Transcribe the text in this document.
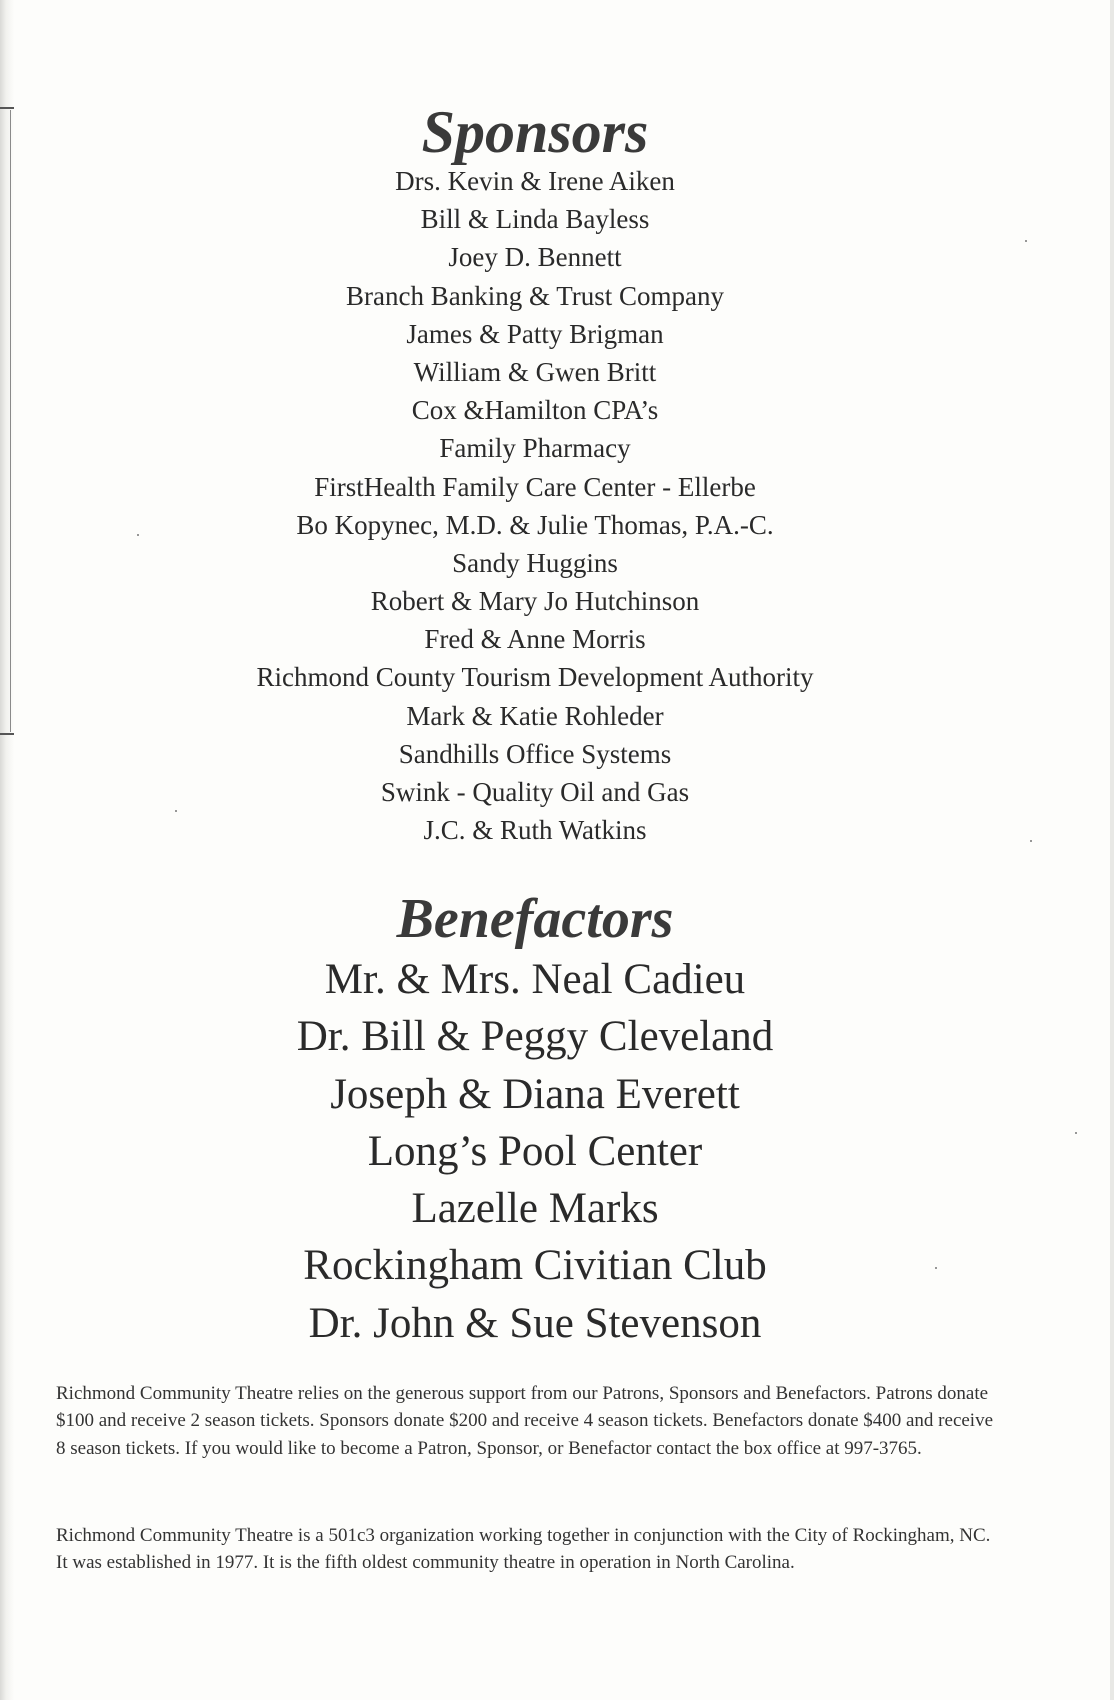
Sponsors
Drs. Kevin & Irene Aiken
Bill & Linda Bayless
Joey D. Bennett
Branch Banking & Trust Company
James & Patty Brigman
William & Gwen Britt
Cox &Hamilton CPA’s
Family Pharmacy
FirstHealth Family Care Center - Ellerbe
Bo Kopynec, M.D. & Julie Thomas, P.A.-C.
Sandy Huggins
Robert & Mary Jo Hutchinson
Fred & Anne Morris
Richmond County Tourism Development Authority
Mark & Katie Rohleder
Sandhills Office Systems
Swink - Quality Oil and Gas
J.C. & Ruth Watkins
Benefactors
Mr. & Mrs. Neal Cadieu
Dr. Bill & Peggy Cleveland
Joseph & Diana Everett
Long’s Pool Center
Lazelle Marks
Rockingham Civitian Club
Dr. John & Sue Stevenson

Richmond Community Theatre relies on the generous support from our Patrons, Sponsors and Benefactors. Patrons donate $100 and receive 2 season tickets. Sponsors donate $200 and receive 4 season tickets. Benefactors donate $400 and receive 8 season tickets. If you would like to become a Patron, Sponsor, or Benefactor contact the box office at 997-3765.

Richmond Community Theatre is a 501c3 organization working together in conjunction with the City of Rockingham, NC. It was established in 1977. It is the fifth oldest community theatre in operation in North Carolina.
